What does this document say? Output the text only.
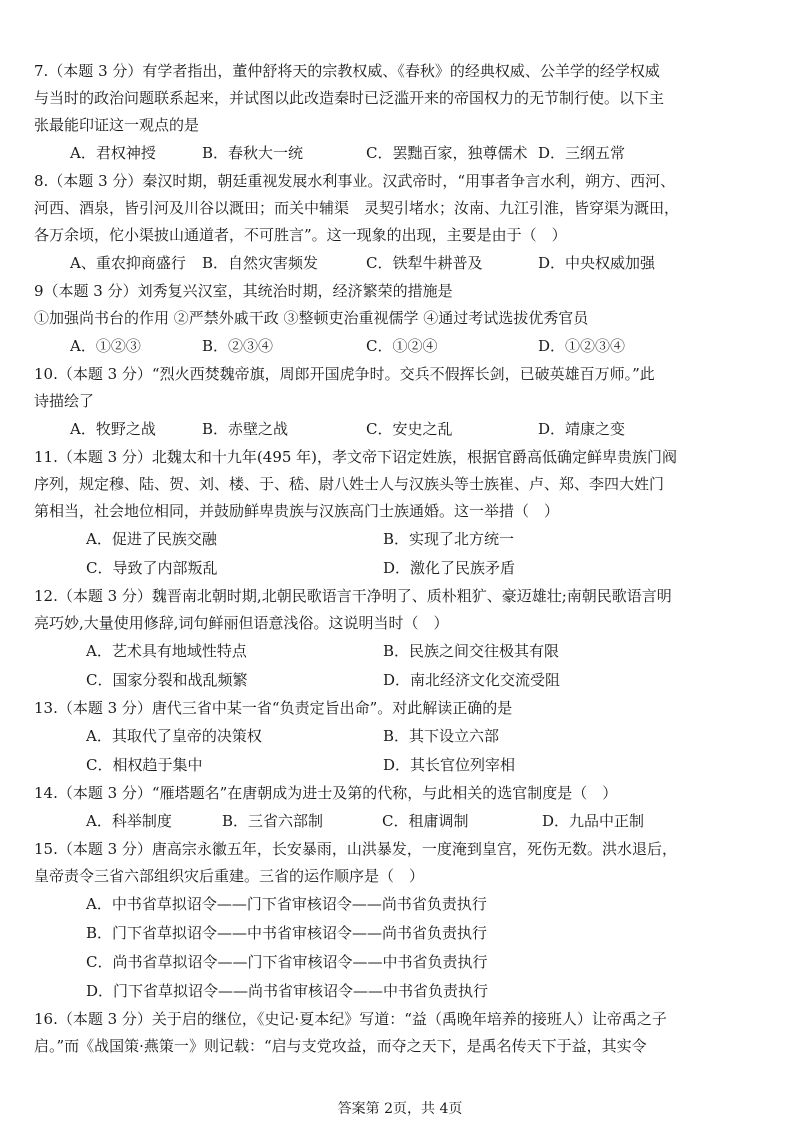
7.（本题 3 分）有学者指出，董仲舒将天的宗教权威、《春秋》的经典权威、公羊学的经学权威
与当时的政治问题联系起来，并试图以此改造秦时已泛滥开来的帝国权力的无节制行使。以下主
张最能印证这一观点的是
A．君权神授	B．春秋大一统	C．罢黜百家，独尊儒术 D．三纲五常
8.（本题 3 分）秦汉时期，朝廷重视发展水利事业。汉武帝时，“用事者争言水利，朔方、西河、
河西、酒泉，皆引河及川谷以溉田；而关中辅渠　灵契引堵水；汝南、九江引淮，皆穿渠为溉田，
各万余顷，佗小渠披山通道者，不可胜言”。这一现象的出现，主要是由于（　）
A、重农抑商盛行	B．自然灾害频发	C．铁犁牛耕普及	D．中央权威加强
9（本题 3 分）刘秀复兴汉室，其统治时期，经济繁荣的措施是
①加强尚书台的作用 ②严禁外戚干政 ③整顿吏治重视儒学 ④通过考试选拔优秀官员
A．①②③	B．②③④	C．①②④	D．①②③④
10.（本题 3 分）“烈火西焚魏帝旗，周郎开国虎争时。交兵不假挥长剑，已破英雄百万师。”此
诗描绘了
A．牧野之战	B．赤壁之战	C．安史之乱	D．靖康之变
11.（本题 3 分）北魏太和十九年(495 年)，孝文帝下诏定姓族，根据官爵高低确定鲜卑贵族门阀
序列，规定穆、陆、贺、刘、楼、于、嵇、尉八姓士人与汉族头等士族崔、卢、郑、李四大姓门
第相当，社会地位相同，并鼓励鲜卑贵族与汉族高门士族通婚。这一举措（　）
A．促进了民族交融	B．实现了北方统一
C．导致了内部叛乱	D．激化了民族矛盾
12.（本题 3 分）魏晋南北朝时期,北朝民歌语言干净明了、质朴粗犷、豪迈雄壮;南朝民歌语言明
亮巧妙,大量使用修辞,词句鲜丽但语意浅俗。这说明当时（　）
A．艺术具有地域性特点	B．民族之间交往极其有限
C．国家分裂和战乱频繁	D．南北经济文化交流受阻
13.（本题 3 分）唐代三省中某一省“负责定旨出命”。对此解读正确的是
A．其取代了皇帝的决策权	B．其下设立六部
C．相权趋于集中	D．其长官位列宰相
14.（本题 3 分）“雁塔题名”在唐朝成为进士及第的代称，与此相关的选官制度是（　）
A．科举制度	B．三省六部制	C．租庸调制	D．九品中正制
15.（本题 3 分）唐高宗永徽五年，长安暴雨，山洪暴发，一度淹到皇宫，死伤无数。洪水退后，
皇帝责令三省六部组织灾后重建。三省的运作顺序是（　）
A．中书省草拟诏令——门下省审核诏令——尚书省负责执行
B．门下省草拟诏令——中书省审核诏令——尚书省负责执行
C．尚书省草拟诏令——门下省审核诏令——中书省负责执行
D．门下省草拟诏令——尚书省审核诏令——中书省负责执行
16.（本题 3 分）关于启的继位，《史记·夏本纪》写道：“益（禹晚年培养的接班人）让帝禹之子
启。”而《战国策·燕策一》则记载：“启与支党攻益，而夺之天下，是禹名传天下于益，其实令
答案第 2页，共 4页
